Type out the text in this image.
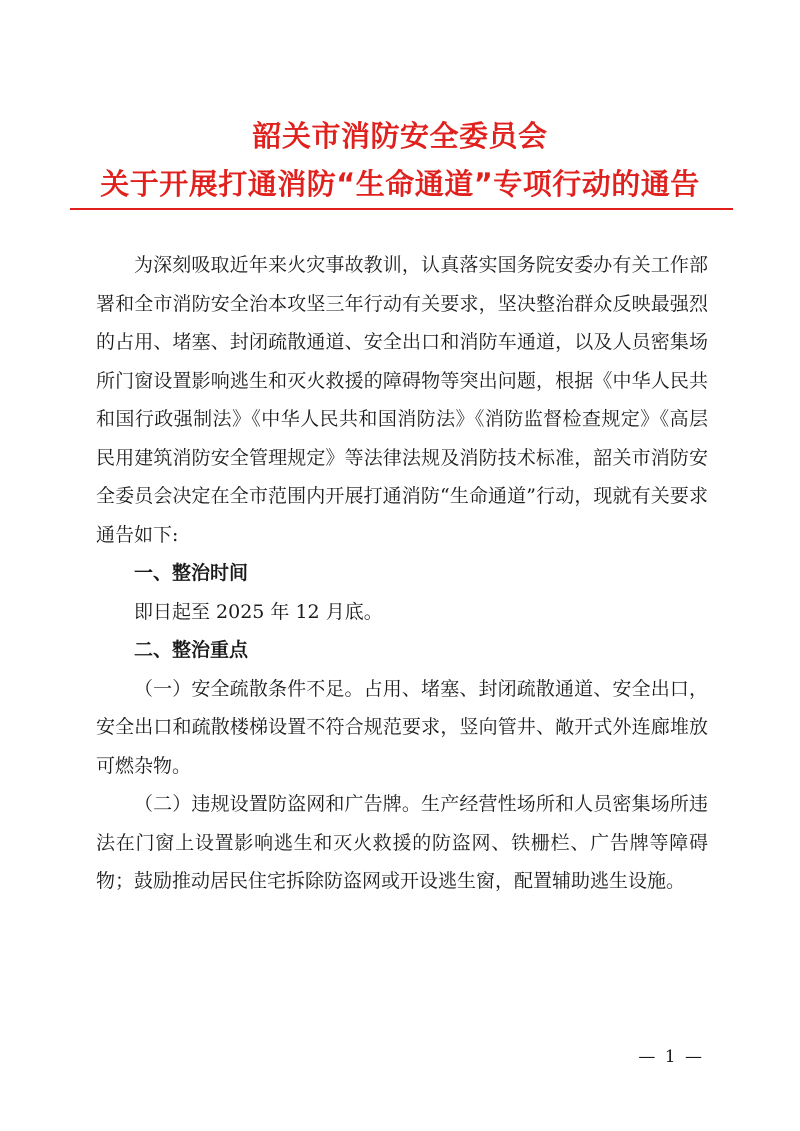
韶关市消防安全委员会
关于开展打通消防“生命通道”专项行动的通告

为深刻吸取近年来火灾事故教训，认真落实国务院安委办有关工作部署和全市消防安全治本攻坚三年行动有关要求，坚决整治群众反映最强烈的占用、堵塞、封闭疏散通道、安全出口和消防车通道，以及人员密集场所门窗设置影响逃生和灭火救援的障碍物等突出问题，根据《中华人民共和国行政强制法》《中华人民共和国消防法》《消防监督检查规定》《高层民用建筑消防安全管理规定》等法律法规及消防技术标准，韶关市消防安全委员会决定在全市范围内开展打通消防“生命通道”行动，现就有关要求通告如下:

一、整治时间

即日起至 2025 年 12 月底。

二、整治重点

（一）安全疏散条件不足。占用、堵塞、封闭疏散通道、安全出口，安全出口和疏散楼梯设置不符合规范要求，竖向管井、敞开式外连廊堆放可燃杂物。

（二）违规设置防盗网和广告牌。生产经营性场所和人员密集场所违法在门窗上设置影响逃生和灭火救援的防盗网、铁栅栏、广告牌等障碍物；鼓励推动居民住宅拆除防盗网或开设逃生窗，配置辅助逃生设施。

— 1 —
